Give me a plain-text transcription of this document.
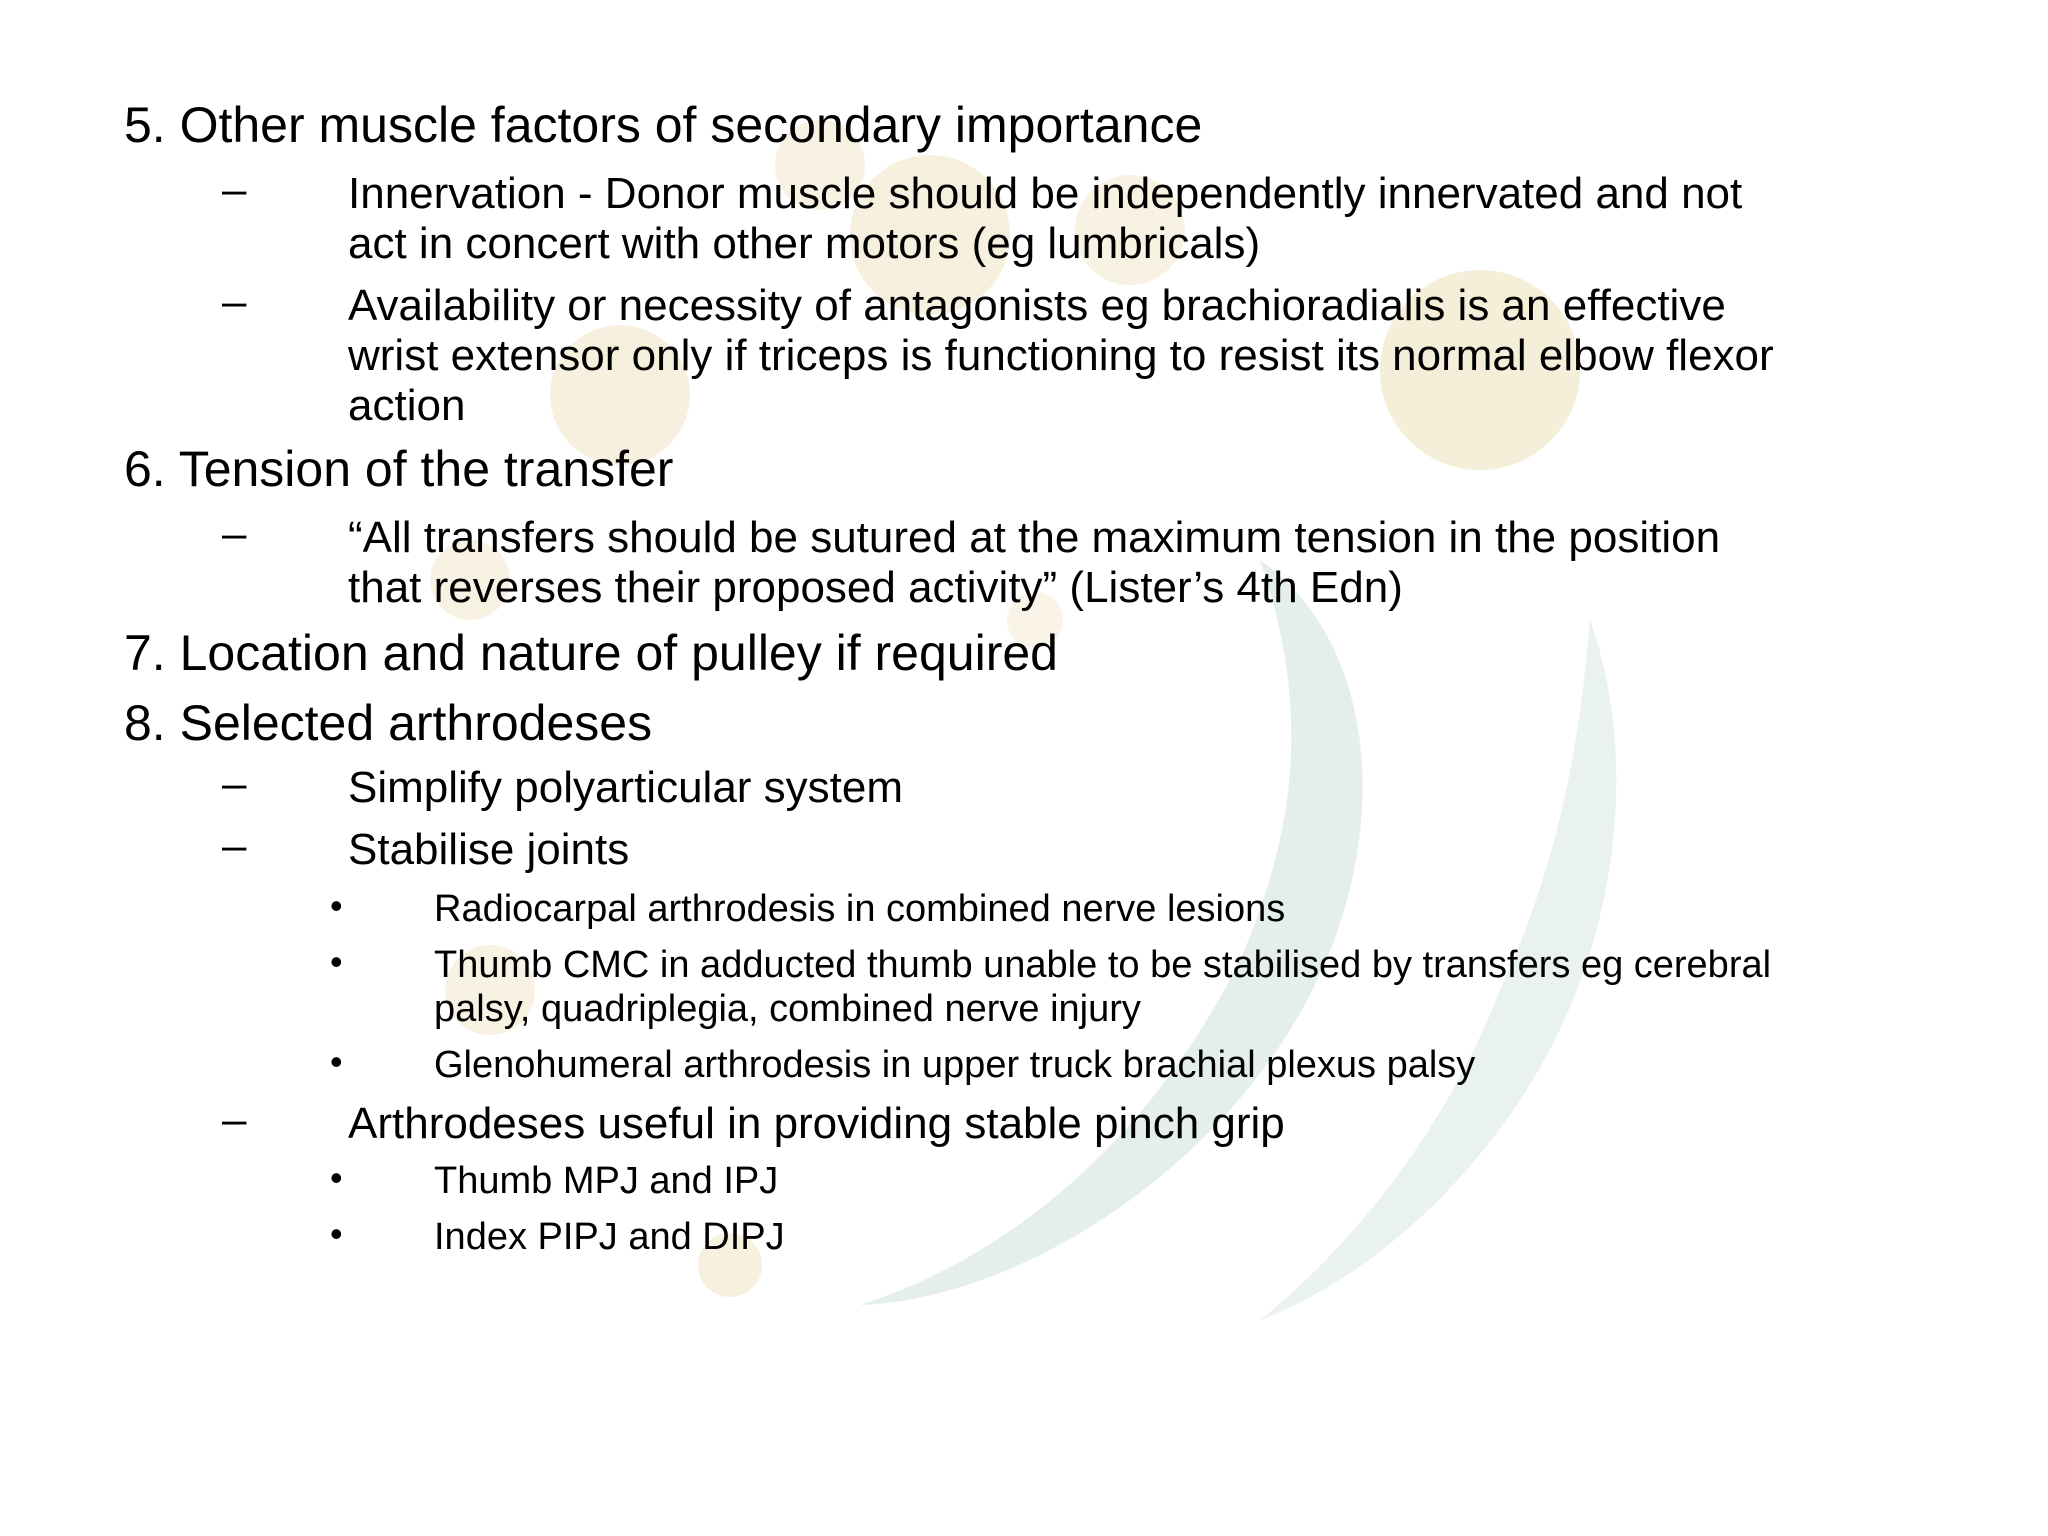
5. Other muscle factors of secondary importance
– Innervation - Donor muscle should be independently innervated and not
act in concert with other motors (eg lumbricals)
– Availability or necessity of antagonists eg brachioradialis is an effective
wrist extensor only if triceps is functioning to resist its normal elbow flexor
action
6. Tension of the transfer
– “All transfers should be sutured at the maximum tension in the position
that reverses their proposed activity” (Lister’s 4th Edn)
7. Location and nature of pulley if required
8. Selected arthrodeses
– Simplify polyarticular system
– Stabilise joints
• Radiocarpal arthrodesis in combined nerve lesions
• Thumb CMC in adducted thumb unable to be stabilised by transfers eg cerebral
palsy, quadriplegia, combined nerve injury
• Glenohumeral arthrodesis in upper truck brachial plexus palsy
– Arthrodeses useful in providing stable pinch grip
• Thumb MPJ and IPJ
• Index PIPJ and DIPJ
